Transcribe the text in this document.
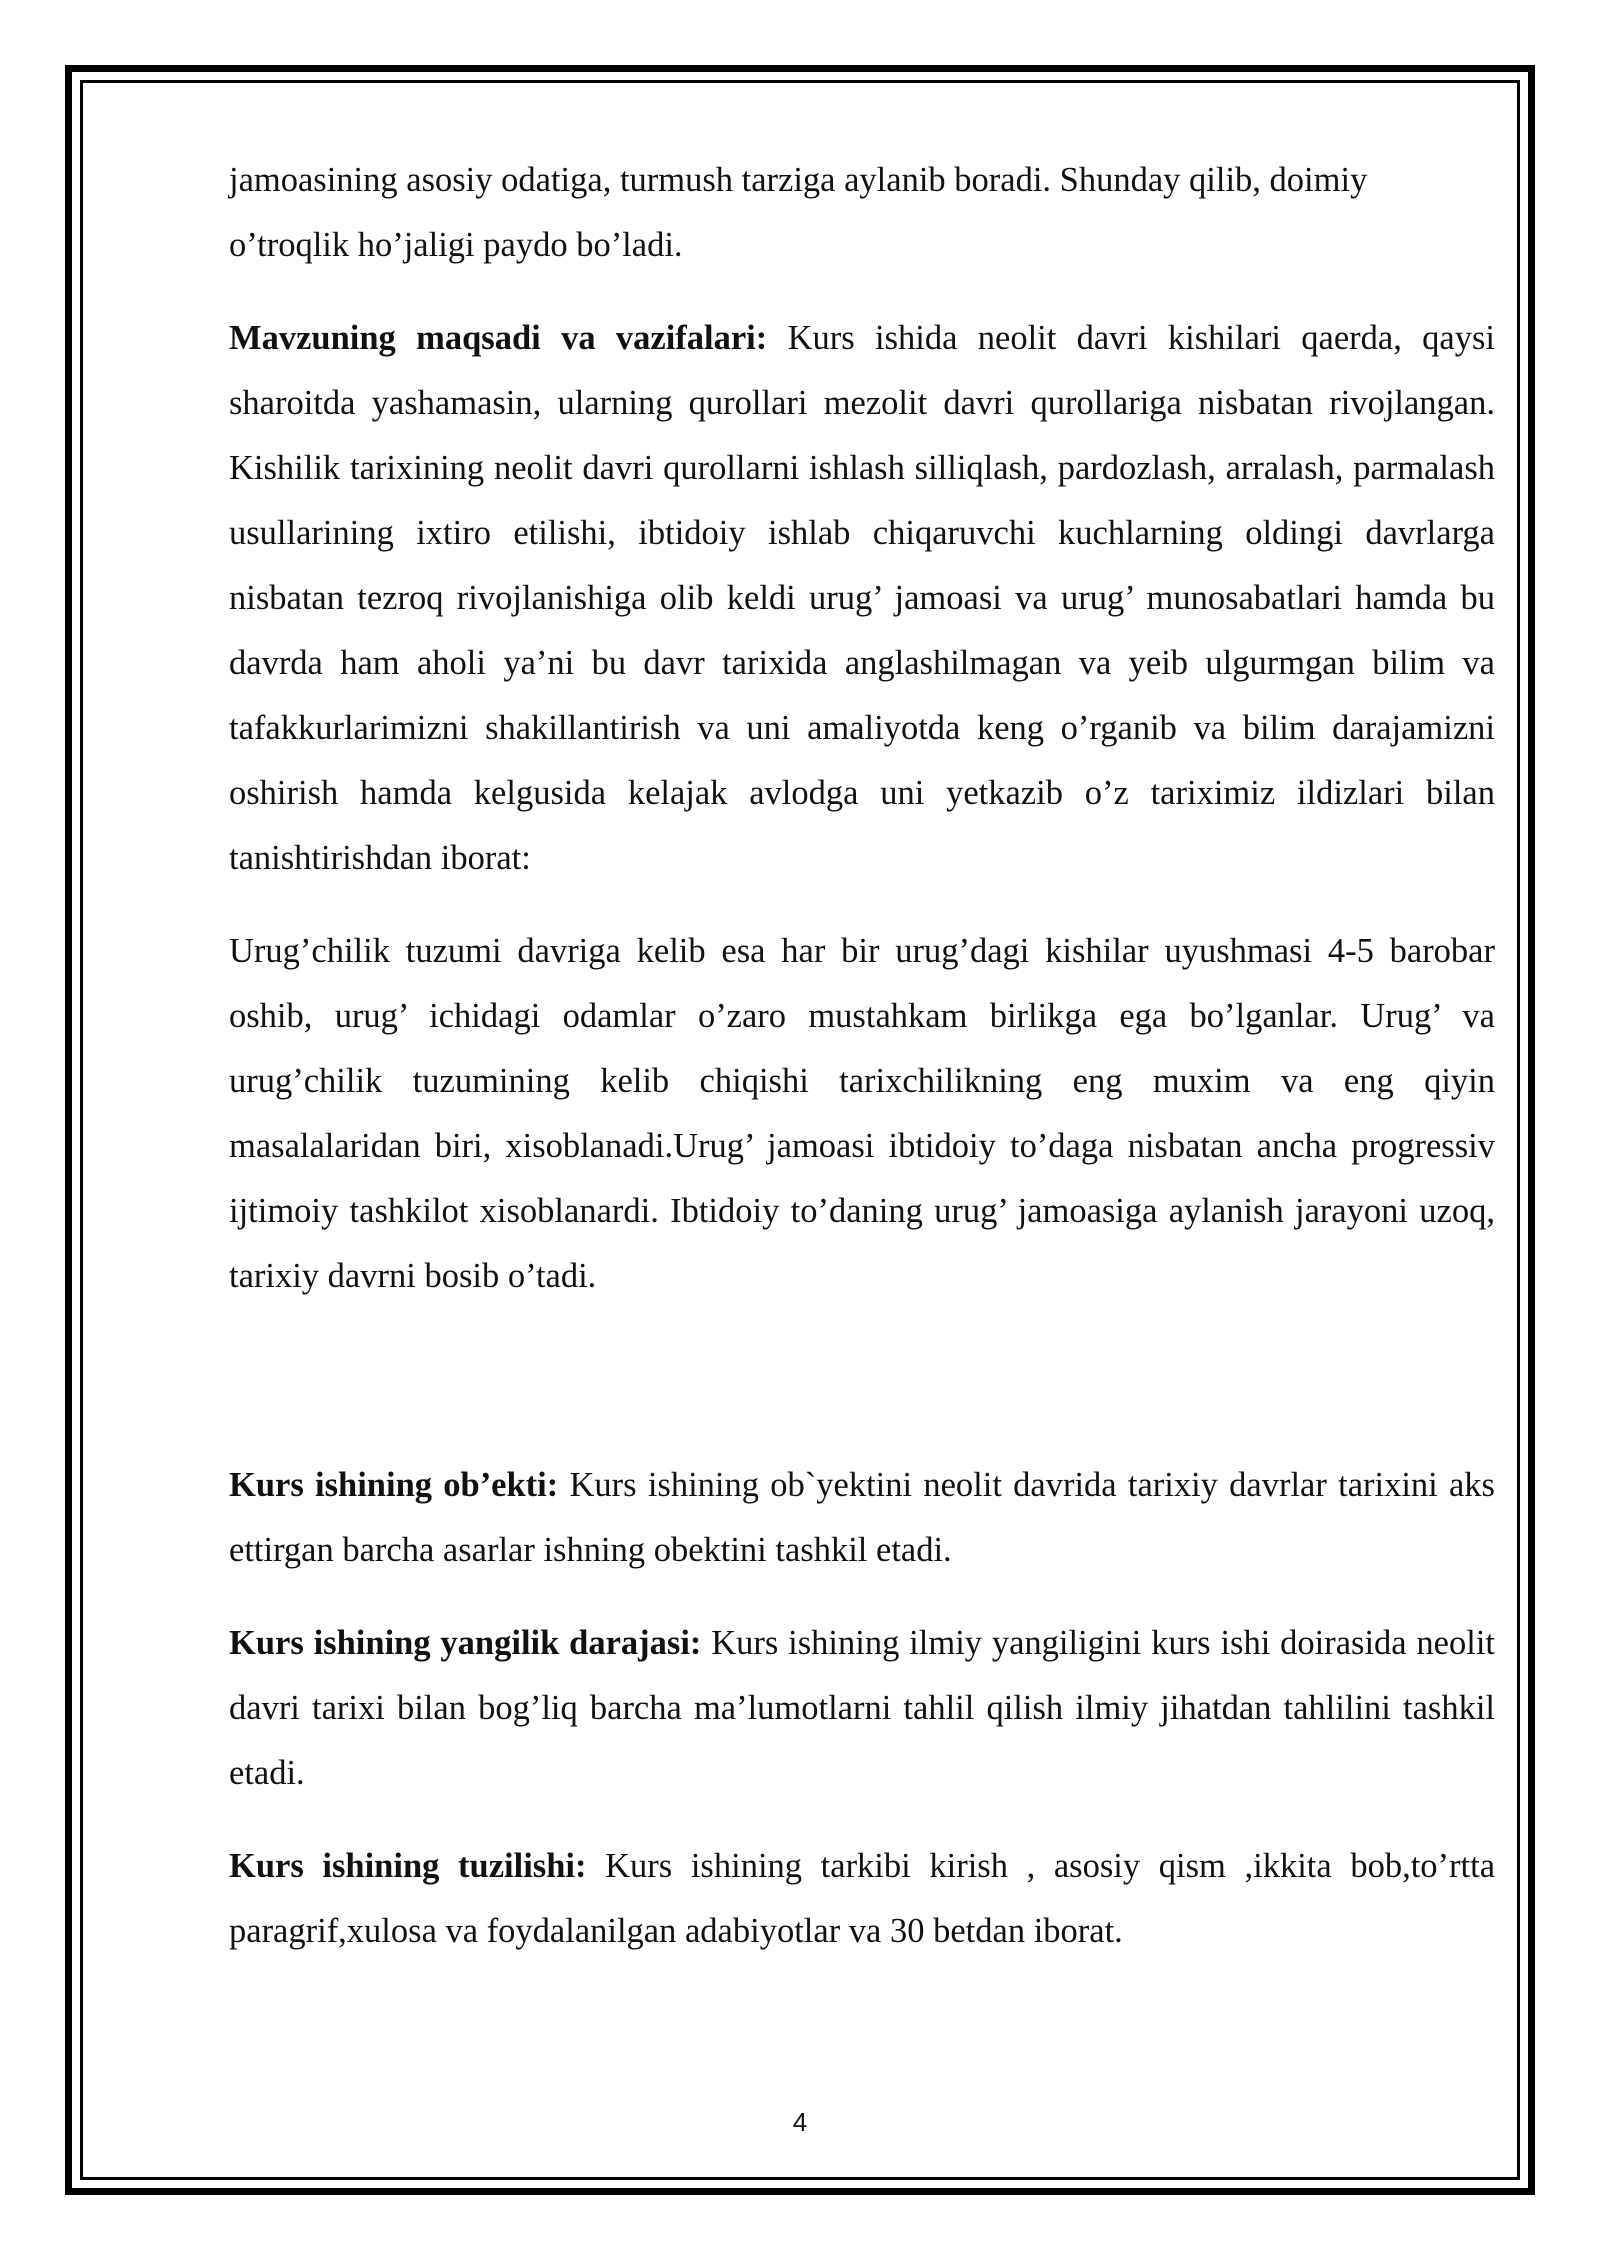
jamoasining asosiy odatiga, turmush tarziga aylanib boradi. Shunday qilib, doimiy o’troqlik ho’jaligi paydo bo’ladi.

Mavzuning maqsadi va vazifalari: Kurs ishida neolit davri kishilari qaerda, qaysi sharoitda yashamasin, ularning qurollari mezolit davri qurollariga nisbatan rivojlangan. Kishilik tarixining neolit davri qurollarni ishlash silliqlash, pardozlash, arralash, parmalash usullarining ixtiro etilishi, ibtidoiy ishlab chiqaruvchi kuchlarning oldingi davrlarga nisbatan tezroq rivojlanishiga olib keldi urug’ jamoasi va urug’ munosabatlari hamda bu davrda ham aholi ya’ni bu davr tarixida anglashilmagan va yeib ulgurmgan bilim va tafakkurlarimizni shakillantirish va uni amaliyotda keng o’rganib va bilim darajamizni oshirish hamda kelgusida kelajak avlodga uni yetkazib o’z tariximiz ildizlari bilan tanishtirishdan iborat:

Urug’chilik tuzumi davriga kelib esa har bir urug’dagi kishilar uyushmasi 4-5 barobar oshib, urug’ ichidagi odamlar o’zaro mustahkam birlikga ega bo’lganlar. Urug’ va urug’chilik tuzumining kelib chiqishi tarixchilikning eng muxim va eng qiyin masalalaridan biri, xisoblanadi.Urug’ jamoasi ibtidoiy to’daga nisbatan ancha progressiv ijtimoiy tashkilot xisoblanardi. Ibtidoiy to’daning urug’ jamoasiga aylanish jarayoni uzoq, tarixiy davrni bosib o’tadi.

Kurs ishining ob’ekti: Kurs ishining ob`yektini neolit davrida tarixiy davrlar tarixini aks ettirgan barcha asarlar ishning obektini tashkil etadi.

Kurs ishining yangilik darajasi: Kurs ishining ilmiy yangiligini kurs ishi doirasida neolit davri tarixi bilan bog’liq barcha ma’lumotlarni tahlil qilish ilmiy jihatdan tahlilini tashkil etadi.

Kurs ishining tuzilishi: Kurs ishining tarkibi kirish , asosiy qism ,ikkita bob,to’rtta paragrif,xulosa va foydalanilgan adabiyotlar va 30 betdan iborat.

4
